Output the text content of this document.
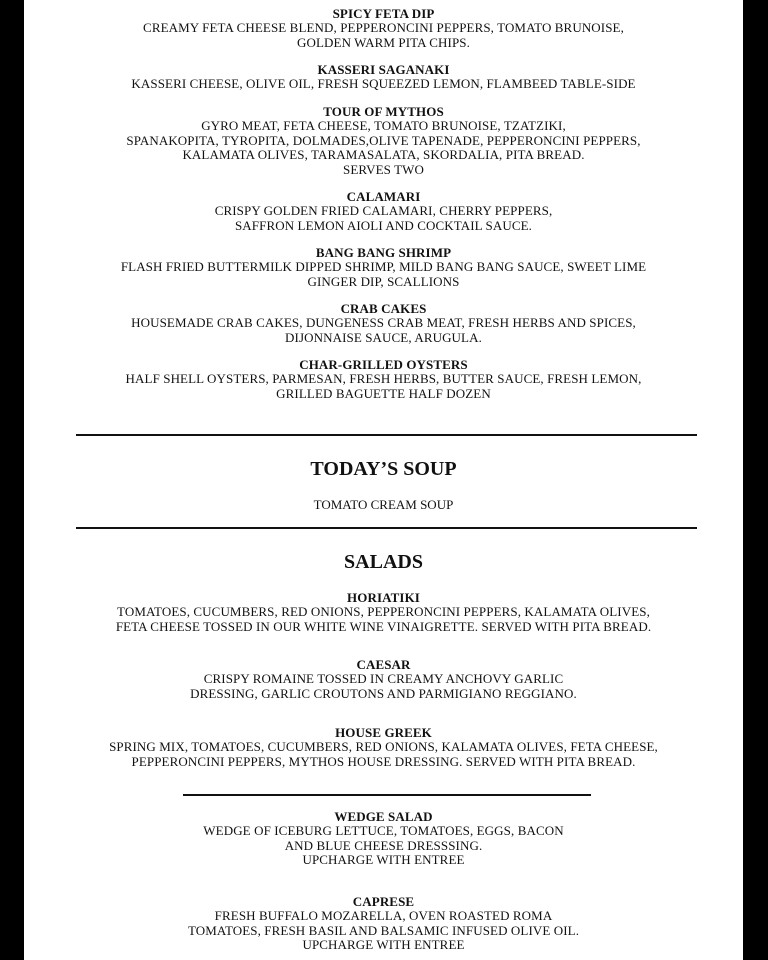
SPICY FETA DIP
CREAMY FETA CHEESE BLEND, PEPPERONCINI PEPPERS, TOMATO BRUNOISE,
GOLDEN WARM PITA CHIPS.
KASSERI SAGANAKI
KASSERI CHEESE, OLIVE OIL, FRESH SQUEEZED LEMON, FLAMBEED TABLE-SIDE
TOUR OF MYTHOS
GYRO MEAT, FETA CHEESE, TOMATO BRUNOISE, TZATZIKI,
SPANAKOPITA, TYROPITA, DOLMADES,OLIVE TAPENADE, PEPPERONCINI PEPPERS,
KALAMATA OLIVES, TARAMASALATA, SKORDALIA, PITA BREAD.
SERVES TWO
CALAMARI
CRISPY GOLDEN FRIED CALAMARI, CHERRY PEPPERS,
SAFFRON LEMON AIOLI AND COCKTAIL SAUCE.
BANG BANG SHRIMP
FLASH FRIED BUTTERMILK DIPPED SHRIMP, MILD BANG BANG SAUCE, SWEET LIME
GINGER DIP, SCALLIONS
CRAB CAKES
HOUSEMADE CRAB CAKES, DUNGENESS CRAB MEAT, FRESH HERBS AND SPICES,
DIJONNAISE SAUCE, ARUGULA.
CHAR-GRILLED OYSTERS
HALF SHELL OYSTERS, PARMESAN, FRESH HERBS, BUTTER SAUCE, FRESH LEMON,
GRILLED BAGUETTE HALF DOZEN
TODAY’S SOUP
TOMATO CREAM SOUP
SALADS
HORIATIKI
TOMATOES, CUCUMBERS, RED ONIONS, PEPPERONCINI PEPPERS, KALAMATA OLIVES,
FETA CHEESE TOSSED IN OUR WHITE WINE VINAIGRETTE. SERVED WITH PITA BREAD.
CAESAR
CRISPY ROMAINE TOSSED IN CREAMY ANCHOVY GARLIC
DRESSING, GARLIC CROUTONS AND PARMIGIANO REGGIANO.
HOUSE GREEK
SPRING MIX, TOMATOES, CUCUMBERS, RED ONIONS, KALAMATA OLIVES, FETA CHEESE,
PEPPERONCINI PEPPERS, MYTHOS HOUSE DRESSING. SERVED WITH PITA BREAD.
WEDGE SALAD
WEDGE OF ICEBURG LETTUCE, TOMATOES, EGGS, BACON
AND BLUE CHEESE DRESSSING.
UPCHARGE WITH ENTREE
CAPRESE
FRESH BUFFALO MOZARELLA, OVEN ROASTED ROMA
TOMATOES, FRESH BASIL AND BALSAMIC INFUSED OLIVE OIL.
UPCHARGE WITH ENTREE
